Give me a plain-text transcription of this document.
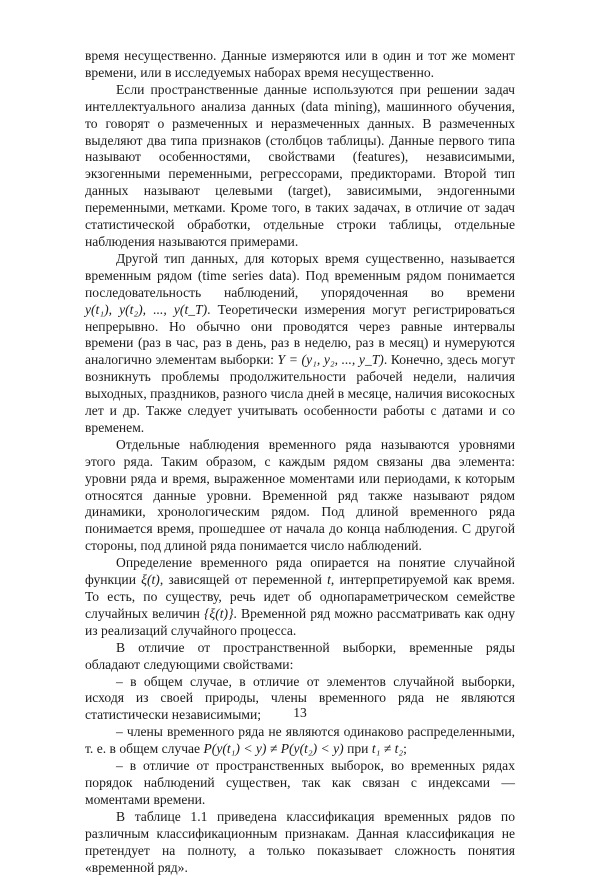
время несущественно. Данные измеряются или в один и тот же момент времени, или в исследуемых наборах время несущественно.

Если пространственные данные используются при решении задач интеллектуального анализа данных (data mining), машинного обучения, то говорят о размеченных и неразмеченных данных. В размеченных выделяют два типа признаков (столбцов таблицы). Данные первого типа называют особенностями, свойствами (features), независимыми, экзогенными переменными, регрессорами, предикторами. Второй тип данных называют целевыми (target), зависимыми, эндогенными переменными, метками. Кроме того, в таких задачах, в отличие от задач статистической обработки, отдельные строки таблицы, отдельные наблюдения называются примерами.

Другой тип данных, для которых время существенно, называется временным рядом (time series data). Под временным рядом понимается последовательность наблюдений, упорядоченная во времени y(t₁), y(t₂), ..., y(t_T). Теоретически измерения могут регистрироваться непрерывно. Но обычно они проводятся через равные интервалы времени (раз в час, раз в день, раз в неделю, раз в месяц) и нумеруются аналогично элементам выборки: Y = (y₁, y₂, ..., y_T). Конечно, здесь могут возникнуть проблемы продолжительности рабочей недели, наличия выходных, праздников, разного числа дней в месяце, наличия високосных лет и др. Также следует учитывать особенности работы с датами и со временем.

Отдельные наблюдения временного ряда называются уровнями этого ряда. Таким образом, с каждым рядом связаны два элемента: уровни ряда и время, выраженное моментами или периодами, к которым относятся данные уровни. Временной ряд также называют рядом динамики, хронологическим рядом. Под длиной временного ряда понимается время, прошедшее от начала до конца наблюдения. С другой стороны, под длиной ряда понимается число наблюдений.

Определение временного ряда опирается на понятие случайной функции ξ(t), зависящей от переменной t, интерпретируемой как время. То есть, по существу, речь идет об однопараметрическом семействе случайных величин {ξ(t)}. Временной ряд можно рассматривать как одну из реализаций случайного процесса.

В отличие от пространственной выборки, временные ряды обладают следующими свойствами:

– в общем случае, в отличие от элементов случайной выборки, исходя из своей природы, члены временного ряда не являются статистически независимыми;

– члены временного ряда не являются одинаково распределенными, т. е. в общем случае P(y(t₁) < y) ≠ P(y(t₂) < y) при t₁ ≠ t₂;

– в отличие от пространственных выборок, во временных рядах порядок наблюдений существен, так как связан с индексами — моментами времени.

В таблице 1.1 приведена классификация временных рядов по различным классификационным признакам. Данная классификация не претендует на полноту, а только показывает сложность понятия «временной ряд».

13
